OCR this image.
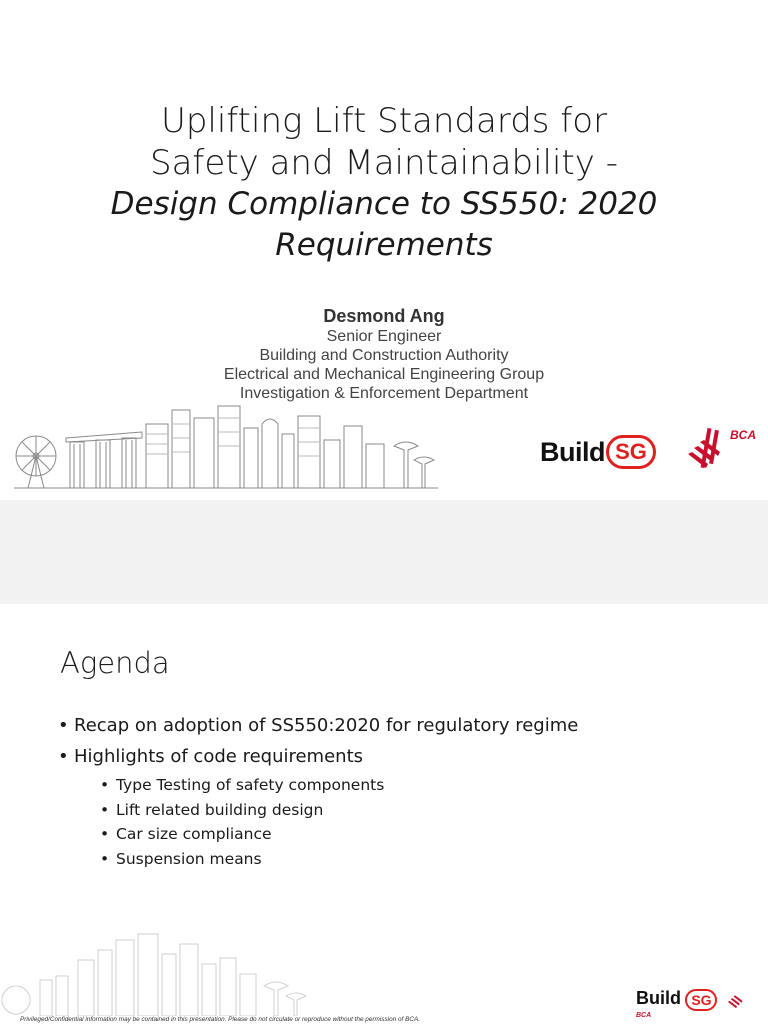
Uplifting Lift Standards for
Safety and Maintainability -
Design Compliance to SS550: 2020
Requirements
Desmond Ang
Senior Engineer
Building and Construction Authority
Electrical and Mechanical Engineering Group
Investigation & Enforcement Department
Build SG
BCA
Agenda
• Recap on adoption of SS550:2020 for regulatory regime
• Highlights of code requirements
• Type Testing of safety components
• Lift related building design
• Car size compliance
• Suspension means
Privileged/Confidential information may be contained in this presentation. Please do not circulate or reproduce without the permission of BCA.
Build SG  $^{BCA}$
